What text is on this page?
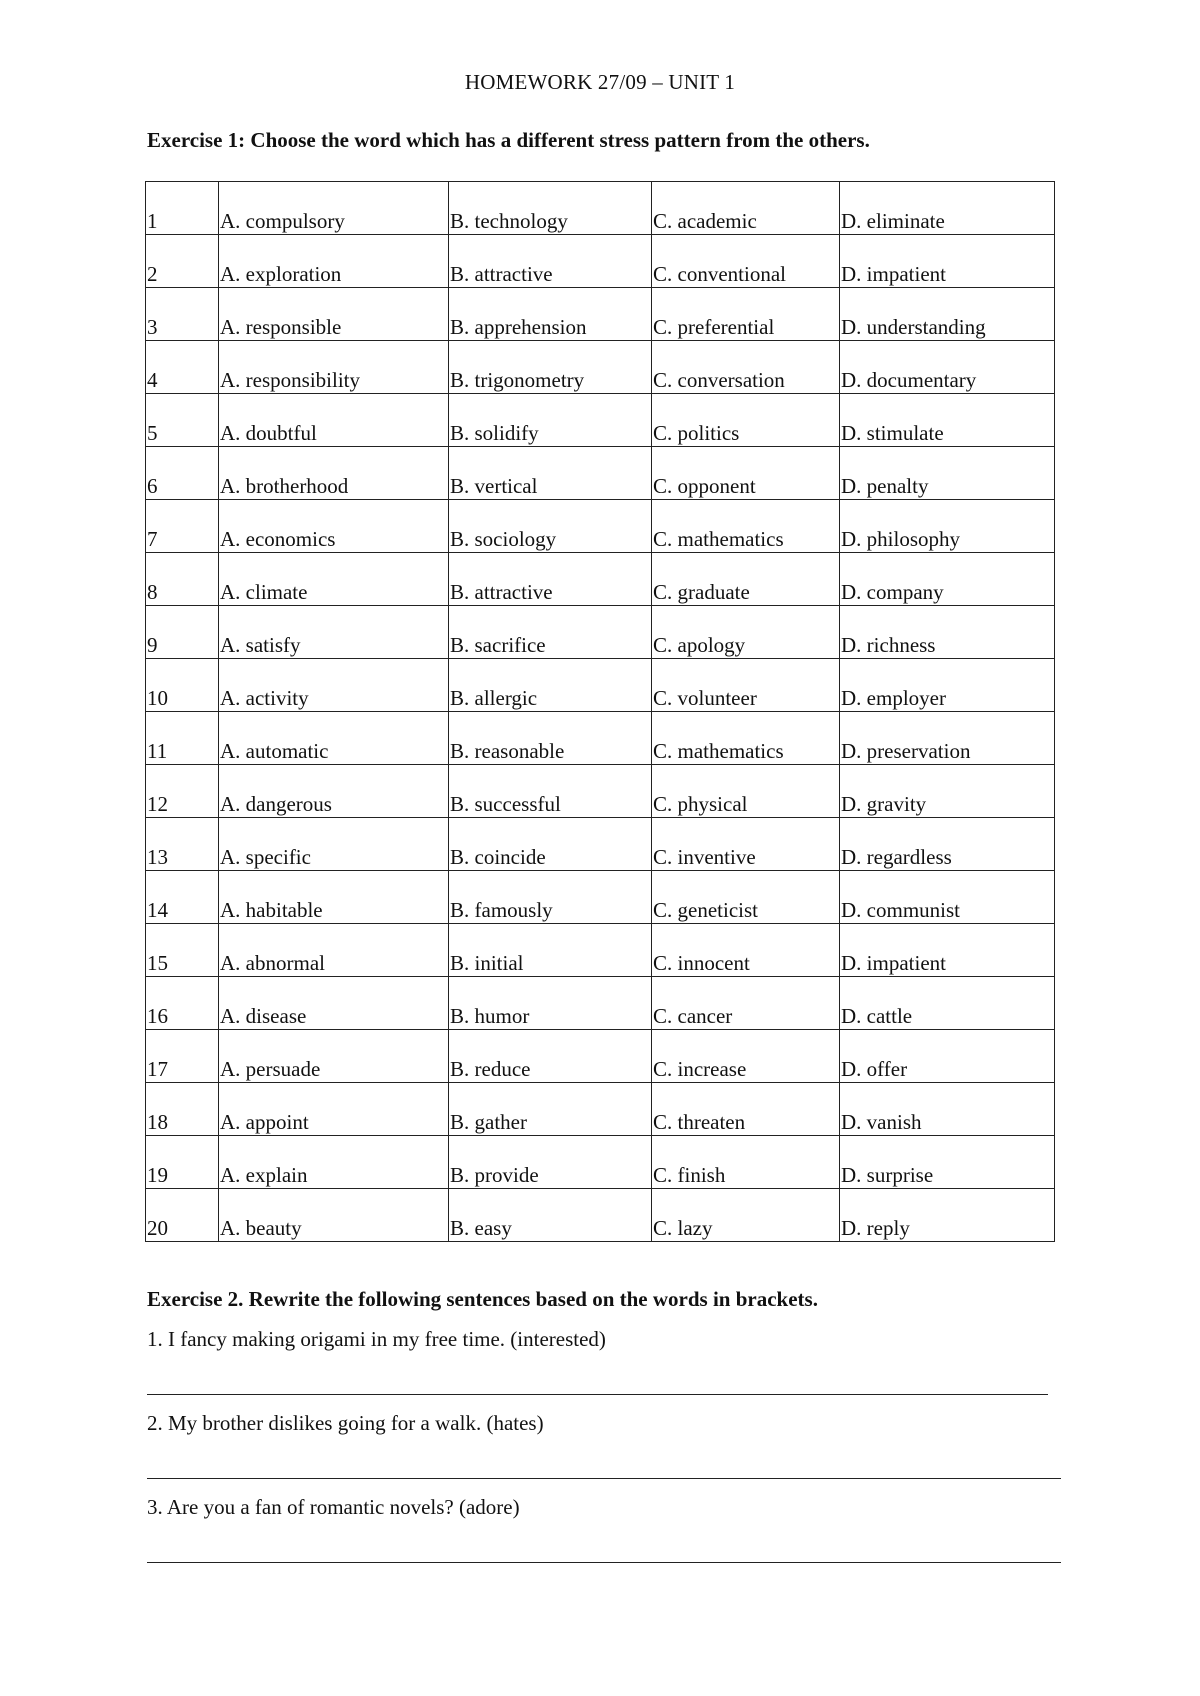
HOMEWORK 27/09 – UNIT 1
Exercise 1: Choose the word which has a different stress pattern from the others.
1	A. compulsory	B. technology	C. academic	D. eliminate
2	A. exploration	B. attractive	C. conventional	D. impatient
3	A. responsible	B. apprehension	C. preferential	D. understanding
4	A. responsibility	B. trigonometry	C. conversation	D. documentary
5	A. doubtful	B. solidify	C. politics	D. stimulate
6	A. brotherhood	B. vertical	C. opponent	D. penalty
7	A. economics	B. sociology	C. mathematics	D. philosophy
8	A. climate	B. attractive	C. graduate	D. company
9	A. satisfy	B. sacrifice	C. apology	D. richness
10	A. activity	B. allergic	C. volunteer	D. employer
11	A. automatic	B. reasonable	C. mathematics	D. preservation
12	A. dangerous	B. successful	C. physical	D. gravity
13	A. specific	B. coincide	C. inventive	D. regardless
14	A. habitable	B. famously	C. geneticist	D. communist
15	A. abnormal	B. initial	C. innocent	D. impatient
16	A. disease	B. humor	C. cancer	D. cattle
17	A. persuade	B. reduce	C. increase	D. offer
18	A. appoint	B. gather	C. threaten	D. vanish
19	A. explain	B. provide	C. finish	D. surprise
20	A. beauty	B. easy	C. lazy	D. reply
Exercise 2. Rewrite the following sentences based on the words in brackets.
1. I fancy making origami in my free time. (interested)
2. My brother dislikes going for a walk. (hates)
3. Are you a fan of romantic novels? (adore)
